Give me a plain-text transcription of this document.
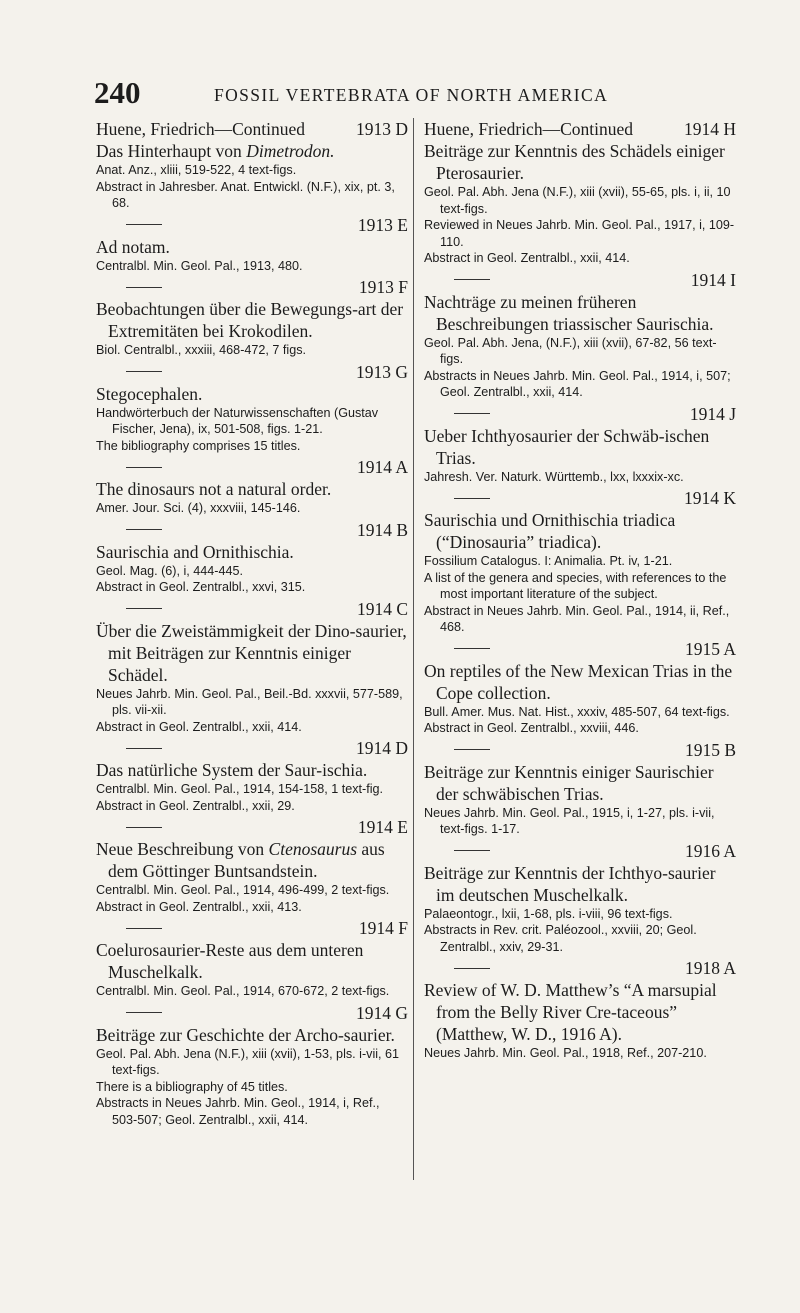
240	FOSSIL VERTEBRATA OF NORTH AMERICA
Huene, Friedrich—Continued	1913 D
Das Hinterhaupt von Dimetrodon.
Anat. Anz., xliii, 519-522, 4 text-figs.
Abstract in Jahresber. Anat. Entwickl. (N.F.), xix, pt. 3, 68.
1913 E
Ad notam.
Centralbl. Min. Geol. Pal., 1913, 480.
1913 F
Beobachtungen über die Bewegungs-art der Extremitäten bei Krokodilen.
Biol. Centralbl., xxxiii, 468-472, 7 figs.
1913 G
Stegocephalen.
Handwörterbuch der Naturwissenschaften (Gustav Fischer, Jena), ix, 501-508, figs. 1-21.
The bibliography comprises 15 titles.
1914 A
The dinosaurs not a natural order.
Amer. Jour. Sci. (4), xxxviii, 145-146.
1914 B
Saurischia and Ornithischia.
Geol. Mag. (6), i, 444-445.
Abstract in Geol. Zentralbl., xxvi, 315.
1914 C
Über die Zweistämmigkeit der Dino-saurier, mit Beiträgen zur Kenntnis einiger Schädel.
Neues Jahrb. Min. Geol. Pal., Beil.-Bd. xxxvii, 577-589, pls. vii-xii.
Abstract in Geol. Zentralbl., xxii, 414.
1914 D
Das natürliche System der Saur-ischia.
Centralbl. Min. Geol. Pal., 1914, 154-158, 1 text-fig.
Abstract in Geol. Zentralbl., xxii, 29.
1914 E
Neue Beschreibung von Ctenosaurus aus dem Göttinger Buntsandstein.
Centralbl. Min. Geol. Pal., 1914, 496-499, 2 text-figs.
Abstract in Geol. Zentralbl., xxii, 413.
1914 F
Coelurosaurier-Reste aus dem unteren Muschelkalk.
Centralbl. Min. Geol. Pal., 1914, 670-672, 2 text-figs.
1914 G
Beiträge zur Geschichte der Archo-saurier.
Geol. Pal. Abh. Jena (N.F.), xiii (xvii), 1-53, pls. i-vii, 61 text-figs.
There is a bibliography of 45 titles.
Abstracts in Neues Jahrb. Min. Geol., 1914, i, Ref., 503-507; Geol. Zentralbl., xxii, 414.
Huene, Friedrich—Continued	1914 H
Beiträge zur Kenntnis des Schädels einiger Pterosaurier.
Geol. Pal. Abh. Jena (N.F.), xiii (xvii), 55-65, pls. i, ii, 10 text-figs.
Reviewed in Neues Jahrb. Min. Geol. Pal., 1917, i, 109-110.
Abstract in Geol. Zentralbl., xxii, 414.
1914 I
Nachträge zu meinen früheren Beschreibungen triassischer Saurischia.
Geol. Pal. Abh. Jena, (N.F.), xiii (xvii), 67-82, 56 text-figs.
Abstracts in Neues Jahrb. Min. Geol. Pal., 1914, i, 507; Geol. Zentralbl., xxii, 414.
1914 J
Ueber Ichthyosaurier der Schwäb-ischen Trias.
Jahresh. Ver. Naturk. Württemb., lxx, lxxxix-xc.
1914 K
Saurischia und Ornithischia triadica (“Dinosauria” triadica).
Fossilium Catalogus. I: Animalia. Pt. iv, 1-21.
A list of the genera and species, with references to the most important literature of the subject.
Abstract in Neues Jahrb. Min. Geol. Pal., 1914, ii, Ref., 468.
1915 A
On reptiles of the New Mexican Trias in the Cope collection.
Bull. Amer. Mus. Nat. Hist., xxxiv, 485-507, 64 text-figs.
Abstract in Geol. Zentralbl., xxviii, 446.
1915 B
Beiträge zur Kenntnis einiger Saurischier der schwäbischen Trias.
Neues Jahrb. Min. Geol. Pal., 1915, i, 1-27, pls. i-vii, text-figs. 1-17.
1916 A
Beiträge zur Kenntnis der Ichthyo-saurier im deutschen Muschelkalk.
Palaeontogr., lxii, 1-68, pls. i-viii, 96 text-figs.
Abstracts in Rev. crit. Paléozool., xxviii, 20; Geol. Zentralbl., xxiv, 29-31.
1918 A
Review of W. D. Matthew’s “A marsupial from the Belly River Cre-taceous” (Matthew, W. D., 1916 A).
Neues Jahrb. Min. Geol. Pal., 1918, Ref., 207-210.
